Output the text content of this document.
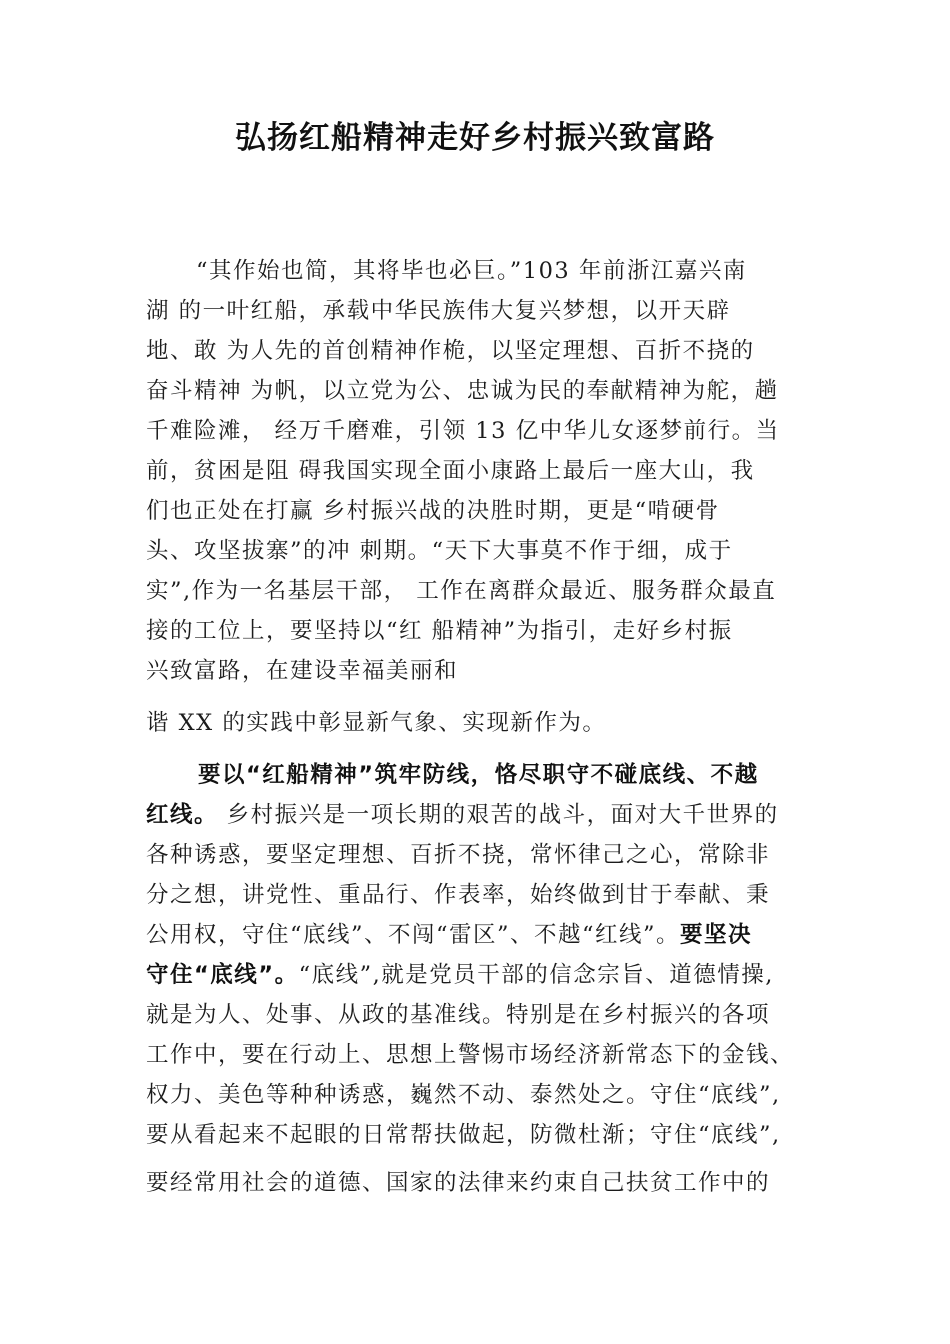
弘扬红船精神走好乡村振兴致富路
“其作始也简，其将毕也必巨。”103 年前浙江嘉兴南
湖 的一叶红船，承载中华民族伟大复兴梦想，以开天辟
地、敢 为人先的首创精神作桅，以坚定理想、百折不挠的
奋斗精神 为帆，以立党为公、忠诚为民的奉献精神为舵，趟
千难险滩， 经万千磨难，引领 13 亿中华儿女逐梦前行。当
前，贫困是阻 碍我国实现全面小康路上最后一座大山，我
们也正处在打赢 乡村振兴战的决胜时期，更是“啃硬骨
头、攻坚拔寨”的冲 刺期。“天下大事莫不作于细，成于
实”,作为一名基层干部， 工作在离群众最近、服务群众最直
接的工位上，要坚持以“红 船精神”为指引，走好乡村振
兴致富路，在建设幸福美丽和
谐 XX 的实践中彰显新气象、实现新作为。
要以“红船精神”筑牢防线，恪尽职守不碰底线、不越
红线。 乡村振兴是一项长期的艰苦的战斗，面对大千世界的
各种诱惑，要坚定理想、百折不挠，常怀律己之心，常除非
分之想，讲党性、重品行、作表率，始终做到甘于奉献、秉
公用权，守住“底线”、不闯“雷区”、不越“红线”。要坚决
守住“底线”。“底线”,就是党员干部的信念宗旨、道德情操,
就是为人、处事、从政的基准线。特别是在乡村振兴的各项
工作中，要在行动上、思想上警惕市场经济新常态下的金钱、
权力、美色等种种诱惑，巍然不动、泰然处之。守住“底线”,
要从看起来不起眼的日常帮扶做起，防微杜渐；守住“底线”,
要经常用社会的道德、国家的法律来约束自己扶贫工作中的
